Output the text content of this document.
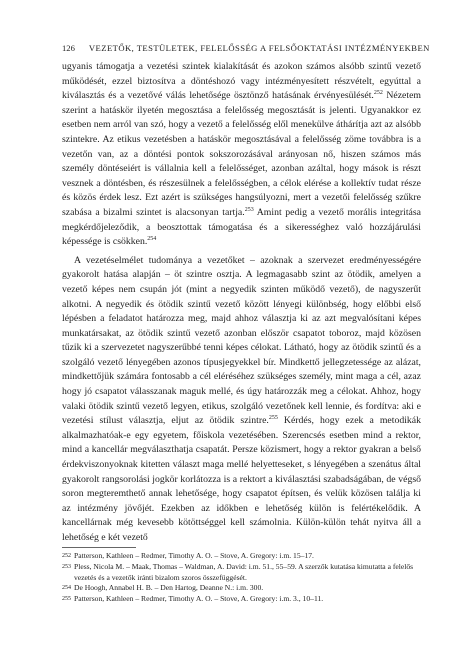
126 VEZETŐK, TESTÜLETEK, FELELŐSSÉG A FELSŐOKTATÁSI INTÉZMÉNYEKBEN

ugyanis támogatja a vezetési szintek kialakítását és azokon számos alsóbb szintű vezető működését, ezzel biztosítva a döntéshozó vagy intézményesített részvételt, egyúttal a kiválasztás és a vezetővé válás lehetősége ösztönző hatásának érvényesülését.$^{252}$ Nézetem szerint a hatáskör ilyetén megosztása a felelősség megosztását is jelenti. Ugyanakkor ez esetben nem arról van szó, hogy a vezető a felelősség elől menekülve áthárítja azt az alsóbb szintekre. Az etikus vezetésben a hatáskör megosztásával a felelősség zöme továbbra is a vezetőn van, az a döntési pontok sokszorozásával arányosan nő, hiszen számos más személy döntéseiért is vállalnia kell a felelősséget, azonban azáltal, hogy mások is részt vesznek a döntésben, és részesülnek a felelősségben, a célok elérése a kollektív tudat része és közös érdek lesz. Ezt azért is szükséges hangsúlyozni, mert a vezetői felelősség szűkre szabása a bizalmi szintet is alacsonyan tartja.$^{253}$ Amint pedig a vezető morális integritása megkérdőjeleződik, a beosztottak támogatása és a sikerességhez való hozzájárulási képessége is csökken.$^{254}$

A vezetéselmélet tudománya a vezetőket – azoknak a szervezet eredményességére gyakorolt hatása alapján – öt szintre osztja. A legmagasabb szint az ötödik, amelyen a vezető képes nem csupán jót (mint a negyedik szinten működő vezető), de nagyszerűt alkotni. A negyedik és ötödik szintű vezető között lényegi különbség, hogy előbbi első lépésben a feladatot határozza meg, majd ahhoz választja ki az azt megvalósítani képes munkatársakat, az ötödik szintű vezető azonban először csapatot toboroz, majd közösen tűzik ki a szervezetet nagyszerűbbé tenni képes célokat. Látható, hogy az ötödik szintű és a szolgáló vezető lényegében azonos típusjegyekkel bír. Mindkettő jellegzetessége az alázat, mindkettőjük számára fontosabb a cél eléréséhez szükséges személy, mint maga a cél, azaz hogy jó csapatot válasszanak maguk mellé, és úgy határozzák meg a célokat. Ahhoz, hogy valaki ötödik szintű vezető legyen, etikus, szolgáló vezetőnek kell lennie, és fordítva: aki e vezetési stílust választja, eljut az ötödik szintre.$^{255}$ Kérdés, hogy ezek a metodikák alkalmazhatóak-e egy egyetem, főiskola vezetésében. Szerencsés esetben mind a rektor, mind a kancellár megválaszthatja csapatát. Persze közismert, hogy a rektor gyakran a belső érdekviszonyoknak kitetten választ maga mellé helyetteseket, s lényegében a szenátus által gyakorolt rangsorolási jogkör korlátozza is a rektort a kiválasztási szabadságában, de végső soron megteremthető annak lehetősége, hogy csapatot építsen, és velük közösen találja ki az intézmény jövőjét. Ezekben az időkben e lehetőség külön is felértékelődik. A kancellárnak még kevesebb kötöttséggel kell számolnia. Külön-külön tehát nyitva áll a lehetőség e két vezető

252 Patterson, Kathleen – Redmer, Timothy A. O. – Stove, A. Gregory: i.m. 15–17.
253 Pless, Nicola M. – Maak, Thomas – Waldman, A. David: i.m. 51., 55–59. A szerzők kutatása kimutatta a felelős vezetés és a vezetők iránti bizalom szoros összefüggését.
254 De Hoogh, Annabel H. B. – Den Hartog, Deanne N.: i.m. 300.
255 Patterson, Kathleen – Redmer, Timothy A. O. – Stove, A. Gregory: i.m. 3., 10–11.
